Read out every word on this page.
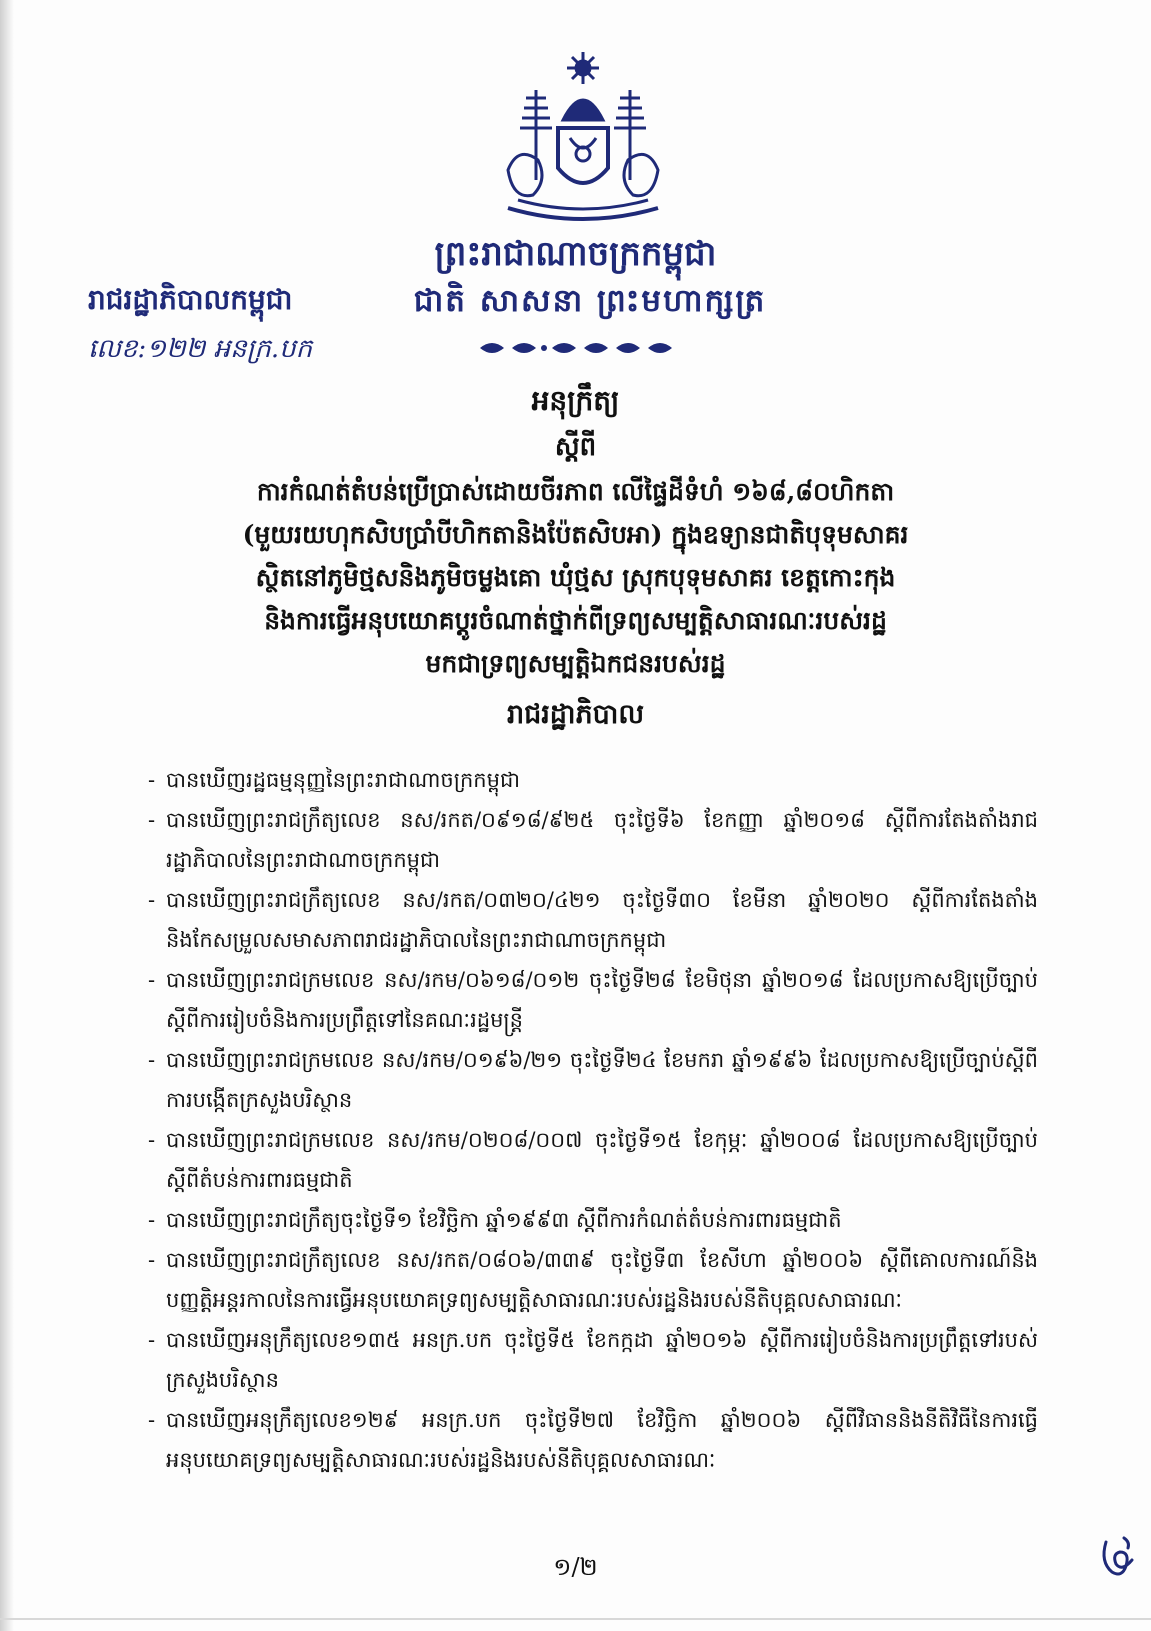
ព្រះរាជាណាចក្រកម្ពុជា
រាជរដ្ឋាភិបាលកម្ពុជា	ជាតិ សាសនា ព្រះមហាក្សត្រ
លេខ:១២២ អនក្រ.បក
អនុក្រឹត្យ
ស្តីពី
ការកំណត់តំបន់ប្រើប្រាស់ដោយចីរភាព លើផ្ទៃដីទំហំ ១៦៨,៨០ហិកតា
(មួយរយហុកសិបប្រាំបីហិកតានិងប៉ែតសិបអា) ក្នុងឧទ្យានជាតិបុទុមសាគរ
ស្ថិតនៅភូមិថ្មសនិងភូមិចម្លងគោ ឃុំថ្មស ស្រុកបុទុមសាគរ ខេត្តកោះកុង
និងការធ្វើអនុបយោគប្តូរចំណាត់ថ្នាក់ពីទ្រព្យសម្បត្តិសាធារណៈរបស់រដ្ឋ
មកជាទ្រព្យសម្បត្តិឯកជនរបស់រដ្ឋ
រាជរដ្ឋាភិបាល
- បានឃើញរដ្ឋធម្មនុញ្ញនៃព្រះរាជាណាចក្រកម្ពុជា
- បានឃើញព្រះរាជក្រឹត្យលេខ នស/រកត/០៩១៨/៩២៥ ចុះថ្ងៃទី៦ ខែកញ្ញា ឆ្នាំ២០១៨ ស្តីពីការតែងតាំងរាជរដ្ឋាភិបាលនៃព្រះរាជាណាចក្រកម្ពុជា
- បានឃើញព្រះរាជក្រឹត្យលេខ នស/រកត/០៣២០/៤២១ ចុះថ្ងៃទី៣០ ខែមីនា ឆ្នាំ២០២០ ស្តីពីការតែងតាំងនិងកែសម្រួលសមាសភាពរាជរដ្ឋាភិបាលនៃព្រះរាជាណាចក្រកម្ពុជា
- បានឃើញព្រះរាជក្រមលេខ នស/រកម/០៦១៨/០១២ ចុះថ្ងៃទី២៨ ខែមិថុនា ឆ្នាំ២០១៨ ដែលប្រកាសឱ្យប្រើច្បាប់ស្តីពីការរៀបចំនិងការប្រព្រឹត្តទៅនៃគណៈរដ្ឋមន្ត្រី
- បានឃើញព្រះរាជក្រមលេខ នស/រកម/០១៩៦/២១ ចុះថ្ងៃទី២៤ ខែមករា ឆ្នាំ១៩៩៦ ដែលប្រកាសឱ្យប្រើច្បាប់ស្តីពីការបង្កើតក្រសួងបរិស្ថាន
- បានឃើញព្រះរាជក្រមលេខ នស/រកម/០២០៨/០០៧ ចុះថ្ងៃទី១៥ ខែកុម្ភៈ ឆ្នាំ២០០៨ ដែលប្រកាសឱ្យប្រើច្បាប់ស្តីពីតំបន់ការពារធម្មជាតិ
- បានឃើញព្រះរាជក្រឹត្យចុះថ្ងៃទី១ ខែវិច្ឆិកា ឆ្នាំ១៩៩៣ ស្តីពីការកំណត់តំបន់ការពារធម្មជាតិ
- បានឃើញព្រះរាជក្រឹត្យលេខ នស/រកត/០៨០៦/៣៣៩ ចុះថ្ងៃទី៣ ខែសីហា ឆ្នាំ២០០៦ ស្តីពីគោលការណ៍និងបញ្ញត្តិអន្តរកាលនៃការធ្វើអនុបយោគទ្រព្យសម្បត្តិសាធារណៈរបស់រដ្ឋនិងរបស់នីតិបុគ្គលសាធារណៈ
- បានឃើញអនុក្រឹត្យលេខ១៣៥ អនក្រ.បក ចុះថ្ងៃទី៥ ខែកក្កដា ឆ្នាំ២០១៦ ស្តីពីការរៀបចំនិងការប្រព្រឹត្តទៅរបស់ក្រសួងបរិស្ថាន
- បានឃើញអនុក្រឹត្យលេខ១២៩ អនក្រ.បក ចុះថ្ងៃទី២៧ ខែវិច្ឆិកា ឆ្នាំ២០០៦ ស្តីពីវិធាននិងនីតិវិធីនៃការធ្វើអនុបយោគទ្រព្យសម្បត្តិសាធារណៈរបស់រដ្ឋនិងរបស់នីតិបុគ្គលសាធារណៈ
១/២
